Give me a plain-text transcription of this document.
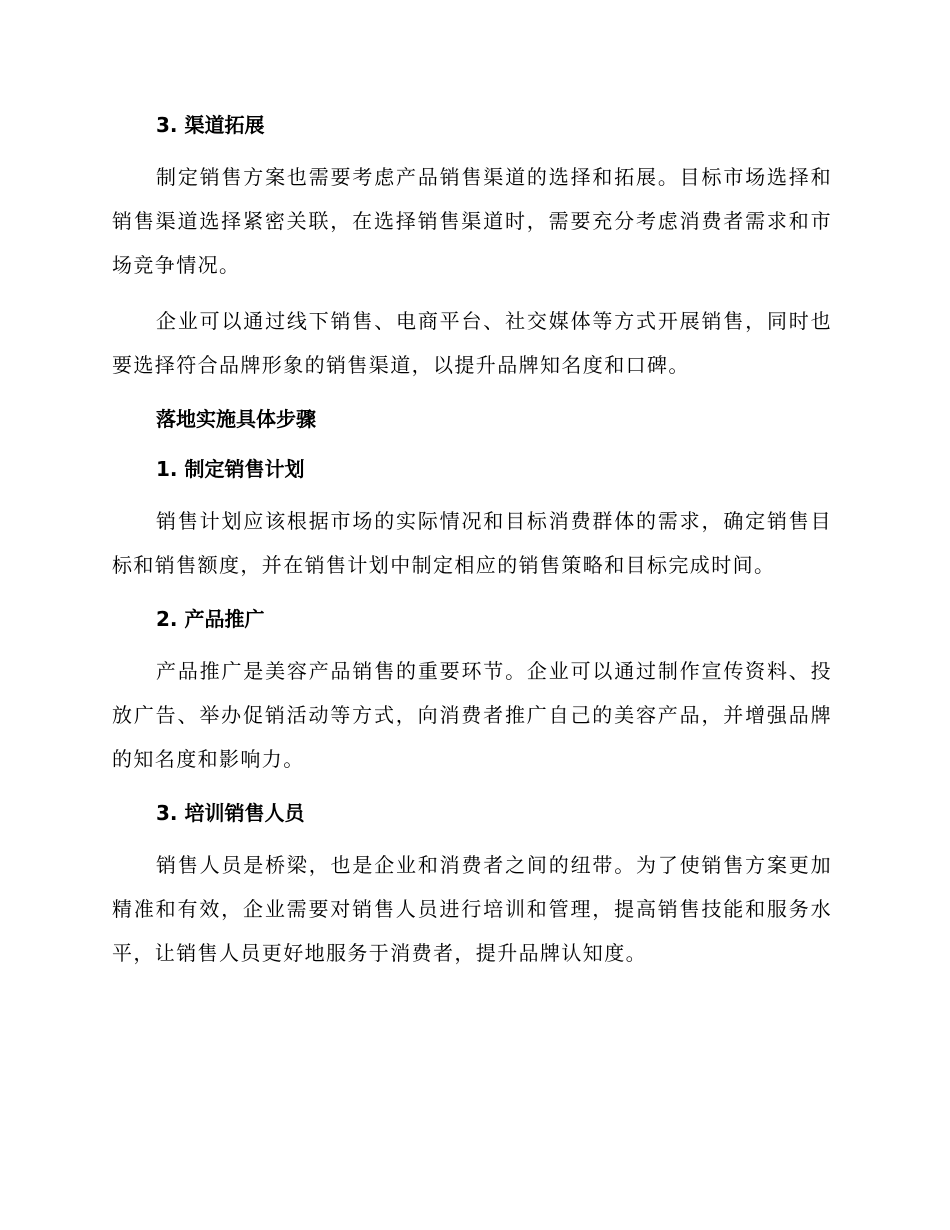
3. 渠道拓展

制定销售方案也需要考虑产品销售渠道的选择和拓展。目标市场选择和销售渠道选择紧密关联，在选择销售渠道时，需要充分考虑消费者需求和市场竞争情况。

企业可以通过线下销售、电商平台、社交媒体等方式开展销售，同时也要选择符合品牌形象的销售渠道，以提升品牌知名度和口碑。

落地实施具体步骤
1. 制定销售计划

销售计划应该根据市场的实际情况和目标消费群体的需求，确定销售目标和销售额度，并在销售计划中制定相应的销售策略和目标完成时间。

2. 产品推广

产品推广是美容产品销售的重要环节。企业可以通过制作宣传资料、投放广告、举办促销活动等方式，向消费者推广自己的美容产品，并增强品牌的知名度和影响力。

3. 培训销售人员

销售人员是桥梁，也是企业和消费者之间的纽带。为了使销售方案更加精准和有效，企业需要对销售人员进行培训和管理，提高销售技能和服务水平，让销售人员更好地服务于消费者，提升品牌认知度。
